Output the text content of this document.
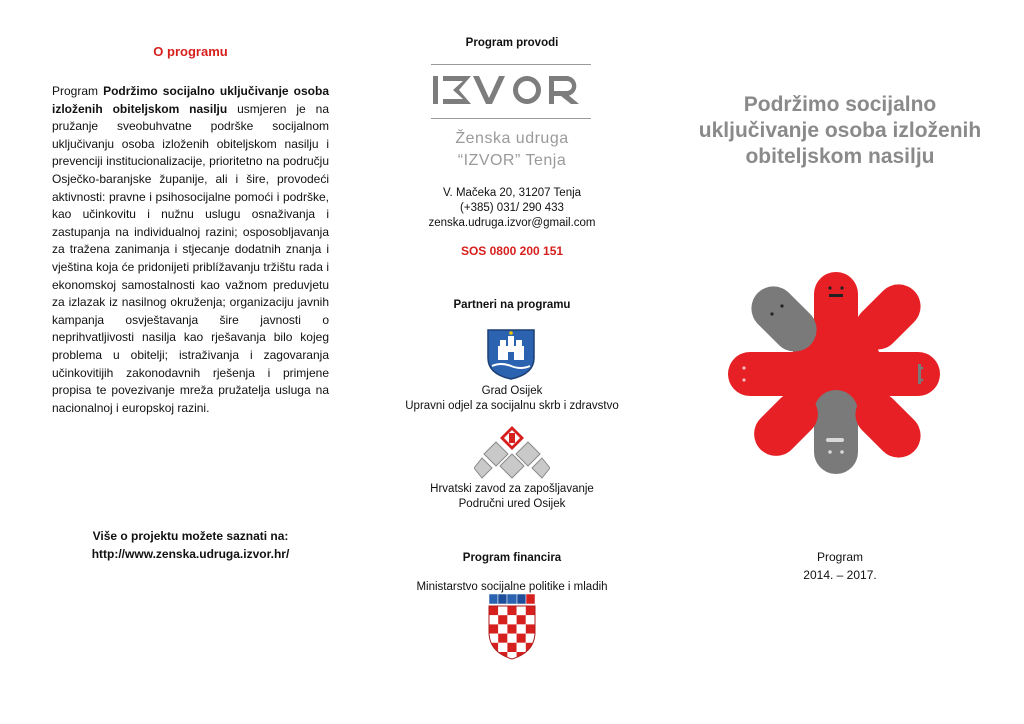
O programu
Program Podržimo socijalno uključivanje osoba izloženih obiteljskom nasilju usmjeren je na pružanje sveobuhvatne podrške socijalnom uključivanju osoba izloženih obiteljskom nasilju i prevenciji institucionalizacije, prioritetno na području Osječko-baranjske županije, ali i šire, provodeći aktivnosti: pravne i psihosocijalne pomoći i podrške, kao učinkovitu i nužnu uslugu osnaživanja i zastupanja na individualnoj razini; osposobljavanja za tražena zanimanja i stjecanje dodatnih znanja i vještina koja će pridonijeti priblížavanju tržištu rada i ekonomskoj samostalnosti kao važnom preduvjetu za izlazak iz nasilnog okruženja; organizaciju javnih kampanja osvještavanja šire javnosti o neprihvatljivosti nasilja kao rješavanja bilo kojeg problema u obitelji; istraživanja i zagovaranja učinkovitijih zakonodavnih rješenja i primjene propisa te povezivanje mreža pružatelja usluga na nacionalnoj i europskoj razini.
Više o projektu možete saznati na:
http://www.zenska.udruga.izvor.hr/
Program provodi
Ženska udruga
“IZVOR” Tenja
V. Mačeka 20, 31207 Tenja
(+385) 031/ 290 433
zenska.udruga.izvor@gmail.com
SOS 0800 200 151
Partneri na programu
Grad Osijek
Upravni odjel za socijalnu skrb i zdravstvo
Hrvatski zavod za zapošljavanje
Područni ured Osijek
Program financira
Ministarstvo socijalne politike i mladih
Podržimo socijalno uključivanje osoba izloženih obiteljskom nasilju
Program
2014. – 2017.
